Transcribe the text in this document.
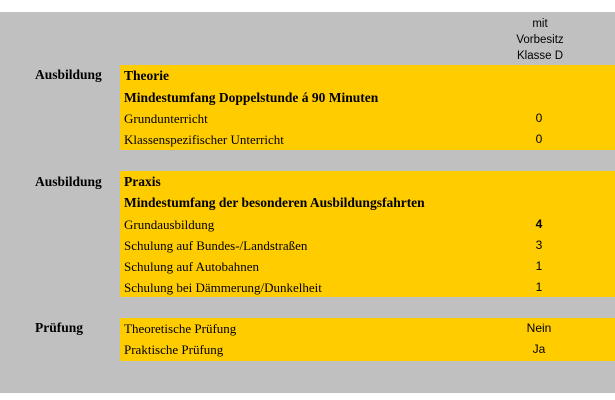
mit
Vorbesitz
Klasse D
Ausbildung Theorie
Mindestumfang Doppelstunde á 90 Minuten
Grundunterricht	0
Klassenspezifischer Unterricht	0
Ausbildung Praxis
Mindestumfang der besonderen Ausbildungsfahrten
Grundausbildung	4
Schulung auf Bundes-/Landstraßen	3
Schulung auf Autobahnen	1
Schulung bei Dämmerung/Dunkelheit	1
Prüfung	Theoretische Prüfung	Nein
Praktische Prüfung	Ja
